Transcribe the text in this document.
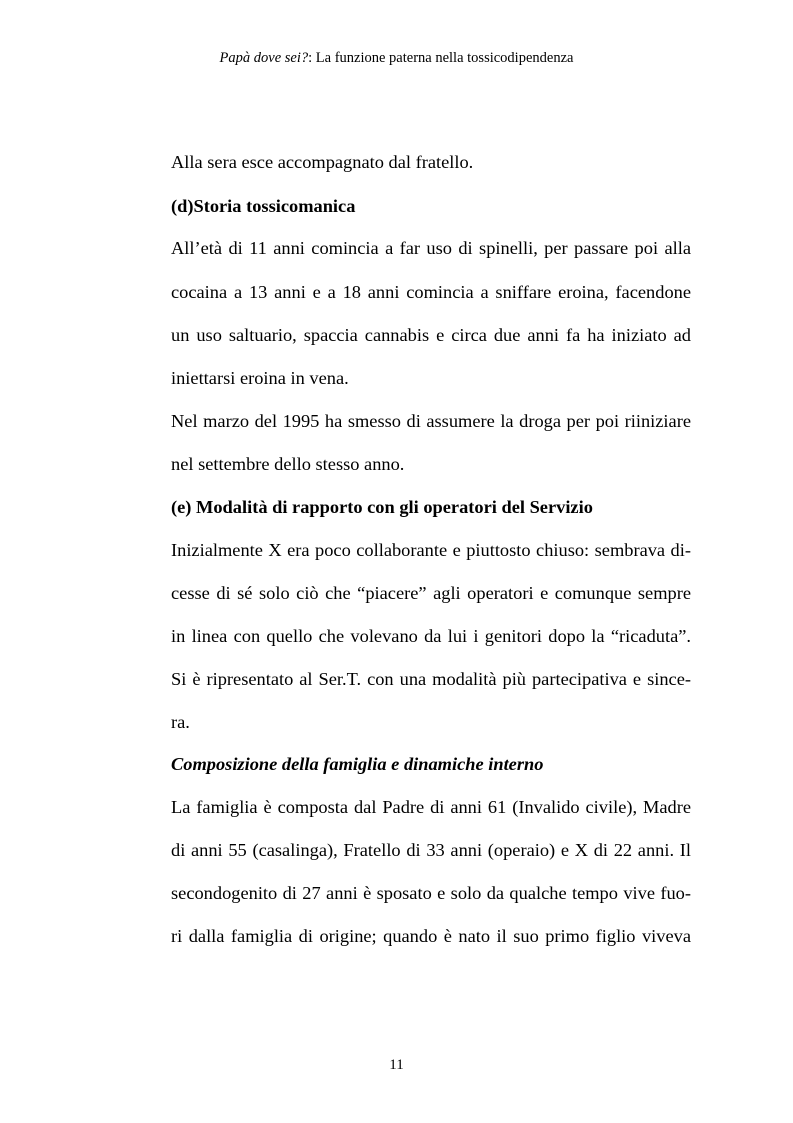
Papà dove sei?: La funzione paterna nella tossicodipendenza
Alla sera esce accompagnato dal fratello.
(d)Storia tossicomanica
All’età di 11 anni comincia a far uso di spinelli, per passare poi alla
cocaina a 13 anni e a 18 anni comincia a sniffare eroina, facendone
un uso saltuario, spaccia cannabis e circa due anni fa ha iniziato ad
iniettarsi eroina in vena.
Nel marzo del 1995 ha smesso di assumere la droga per poi riiniziare
nel settembre dello stesso anno.
(e) Modalità di rapporto con gli operatori del Servizio
Inizialmente X era poco collaborante e piuttosto chiuso: sembrava di-
cesse di sé solo ciò che “piacere” agli operatori e comunque sempre
in linea con quello che volevano da lui i genitori dopo la “ricaduta”.
Si è ripresentato al Ser.T. con una modalità più partecipativa e since-
ra.
Composizione della famiglia e dinamiche interno
La famiglia è composta dal Padre di anni 61 (Invalido civile), Madre
di anni 55 (casalinga), Fratello di 33 anni (operaio) e X di 22 anni. Il
secondogenito di 27 anni è sposato e solo da qualche tempo vive fuo-
ri dalla famiglia di origine; quando è nato il suo primo figlio viveva
11
